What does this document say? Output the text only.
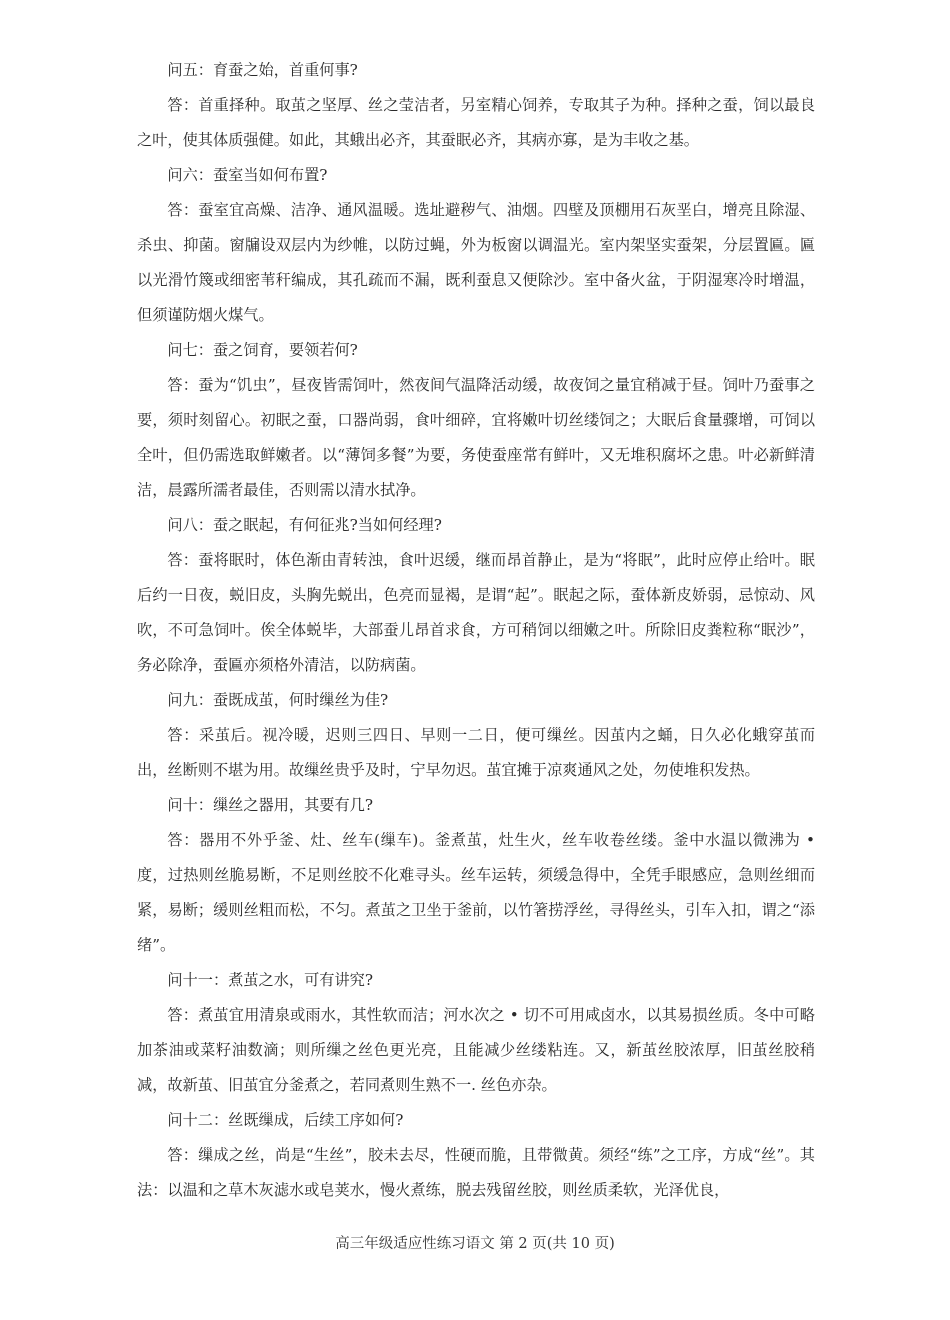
问五：育蚕之始，首重何事?

答：首重择种。取茧之坚厚、丝之莹洁者，另室精心饲养，专取其子为种。择种之蚕，饲以最良之叶，使其体质强健。如此，其蛾出必齐，其蚕眠必齐，其病亦寡，是为丰收之基。

问六：蚕室当如何布置?

答：蚕室宜高燥、洁净、通风温暖。选址避秽气、油烟。四壁及顶棚用石灰垩白，增亮且除湿、杀虫、抑菌。窗牖设双层内为纱帷，以防过蝇，外为板窗以调温光。室内架坚实蚕架，分层置匾。匾以光滑竹篾或细密苇秆编成，其孔疏而不漏，既利蚕息又便除沙。室中备火盆，于阴湿寒冷时增温，但须谨防烟火煤气。

问七：蚕之饲育，要领若何?

答：蚕为“饥虫”，昼夜皆需饲叶，然夜间气温降活动缓，故夜饲之量宜稍减于昼。饲叶乃蚕事之要，须时刻留心。初眠之蚕，口器尚弱，食叶细碎，宜将嫩叶切丝缕饲之；大眠后食量骤增，可饲以全叶，但仍需选取鲜嫩者。以“薄饲多餐”为要，务使蚕座常有鲜叶，又无堆积腐坏之患。叶必新鲜清洁，晨露所濡者最佳，否则需以清水拭净。

问八：蚕之眠起，有何征兆?当如何经理?

答：蚕将眠时，体色渐由青转浊，食叶迟缓，继而昂首静止，是为“将眠”，此时应停止给叶。眠后约一日夜，蜕旧皮，头胸先蜕出，色亮而显褐，是谓“起”。眠起之际，蚕体新皮娇弱，忌惊动、风吹，不可急饲叶。俟全体蜕毕，大部蚕儿昂首求食，方可稍饲以细嫩之叶。所除旧皮粪粒称“眠沙”，务必除净，蚕匾亦须格外清洁，以防病菌。

问九：蚕既成茧，何时缫丝为佳?

答：采茧后。视冷暖，迟则三四日、早则一二日，便可缫丝。因茧内之蛹，日久必化蛾穿茧而出，丝断则不堪为用。故缫丝贵乎及时，宁早勿迟。茧宜摊于凉爽通风之处，勿使堆积发热。

问十：缫丝之器用，其要有几?

答：器用不外乎釜、灶、丝车(缫车)。釜煮茧，灶生火，丝车收卷丝缕。釜中水温以微沸为 • 度，过热则丝脆易断，不足则丝胶不化难寻头。丝车运转，须缓急得中，全凭手眼感应，急则丝细而紧，易断；缓则丝粗而松，不匀。煮茧之卫坐于釜前，以竹箸捞浮丝，寻得丝头，引车入扣，谓之“添绪”。

问十一：煮茧之水，可有讲究?

答：煮茧宜用清泉或雨水，其性软而洁；河水次之 • 切不可用咸卤水，以其易损丝质。冬中可略加茶油或菜籽油数滴；则所缫之丝色更光亮，且能减少丝缕粘连。又，新茧丝胶浓厚，旧茧丝胶稍减，故新茧、旧茧宜分釜煮之，若同煮则生熟不一. 丝色亦杂。

问十二：丝既缫成，后续工序如何?

答：缫成之丝，尚是“生丝”，胶未去尽，性硬而脆，且带微黄。须经“练”之工序，方成“丝”。其法：以温和之草木灰滤水或皂荚水，慢火煮练，脱去残留丝胶，则丝质柔软，光泽优良，

高三年级适应性练习语文 第 2 页(共 10 页)
